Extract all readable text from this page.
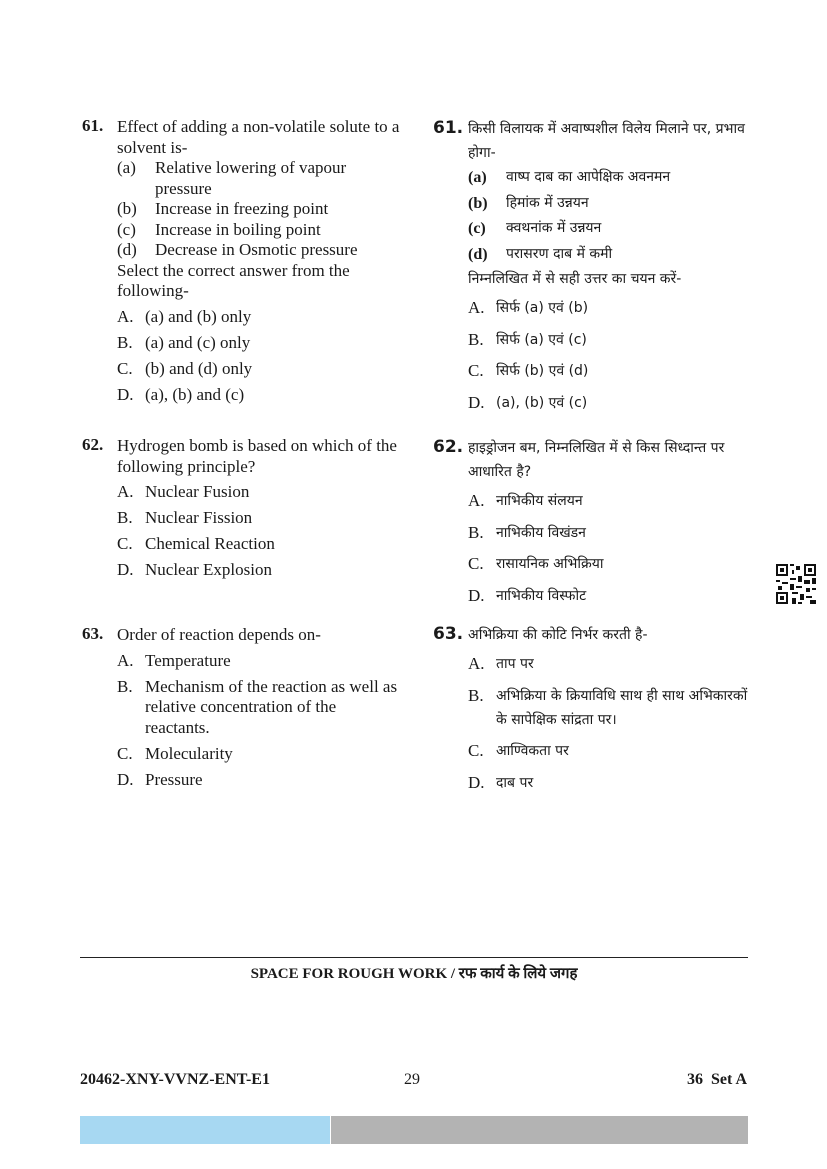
61. Effect of adding a non-volatile solute to a solvent is-
(a) Relative lowering of vapour pressure
(b) Increase in freezing point
(c) Increase in boiling point
(d) Decrease in Osmotic pressure
Select the correct answer from the following-
A. (a) and (b) only
B. (a) and (c) only
C. (b) and (d) only
D. (a), (b) and (c)
62. Hydrogen bomb is based on which of the following principle?
A. Nuclear Fusion
B. Nuclear Fission
C. Chemical Reaction
D. Nuclear Explosion
63. Order of reaction depends on-
A. Temperature
B. Mechanism of the reaction as well as relative concentration of the reactants.
C. Molecularity
D. Pressure
61. किसी विलायक में अवाष्पशील विलेय मिलाने पर, प्रभाव होगा-
(a) वाष्प दाब का आपेक्षिक अवनमन
(b) हिमांक में उन्नयन
(c) क्वथनांक में उन्नयन
(d) परासरण दाब में कमी
निम्नलिखित में से सही उत्तर का चयन करें-
A. सिर्फ (a) एवं (b)
B. सिर्फ (a) एवं (c)
C. सिर्फ (b) एवं (d)
D. (a), (b) एवं (c)
62. हाइड्रोजन बम, निम्नलिखित में से किस सिध्दान्त पर आधारित है?
A. नाभिकीय संलयन
B. नाभिकीय विखंडन
C. रासायनिक अभिक्रिया
D. नाभिकीय विस्फोट
63. अभिक्रिया की कोटि निर्भर करती है-
A. ताप पर
B. अभिक्रिया के क्रियाविधि साथ ही साथ अभिकारकों के सापेक्षिक सांद्रता पर।
C. आण्विकता पर
D. दाब पर
SPACE FOR ROUGH WORK / रफ कार्य के लिये जगह
20462-XNY-VVNZ-ENT-E1	29	36 Set A
